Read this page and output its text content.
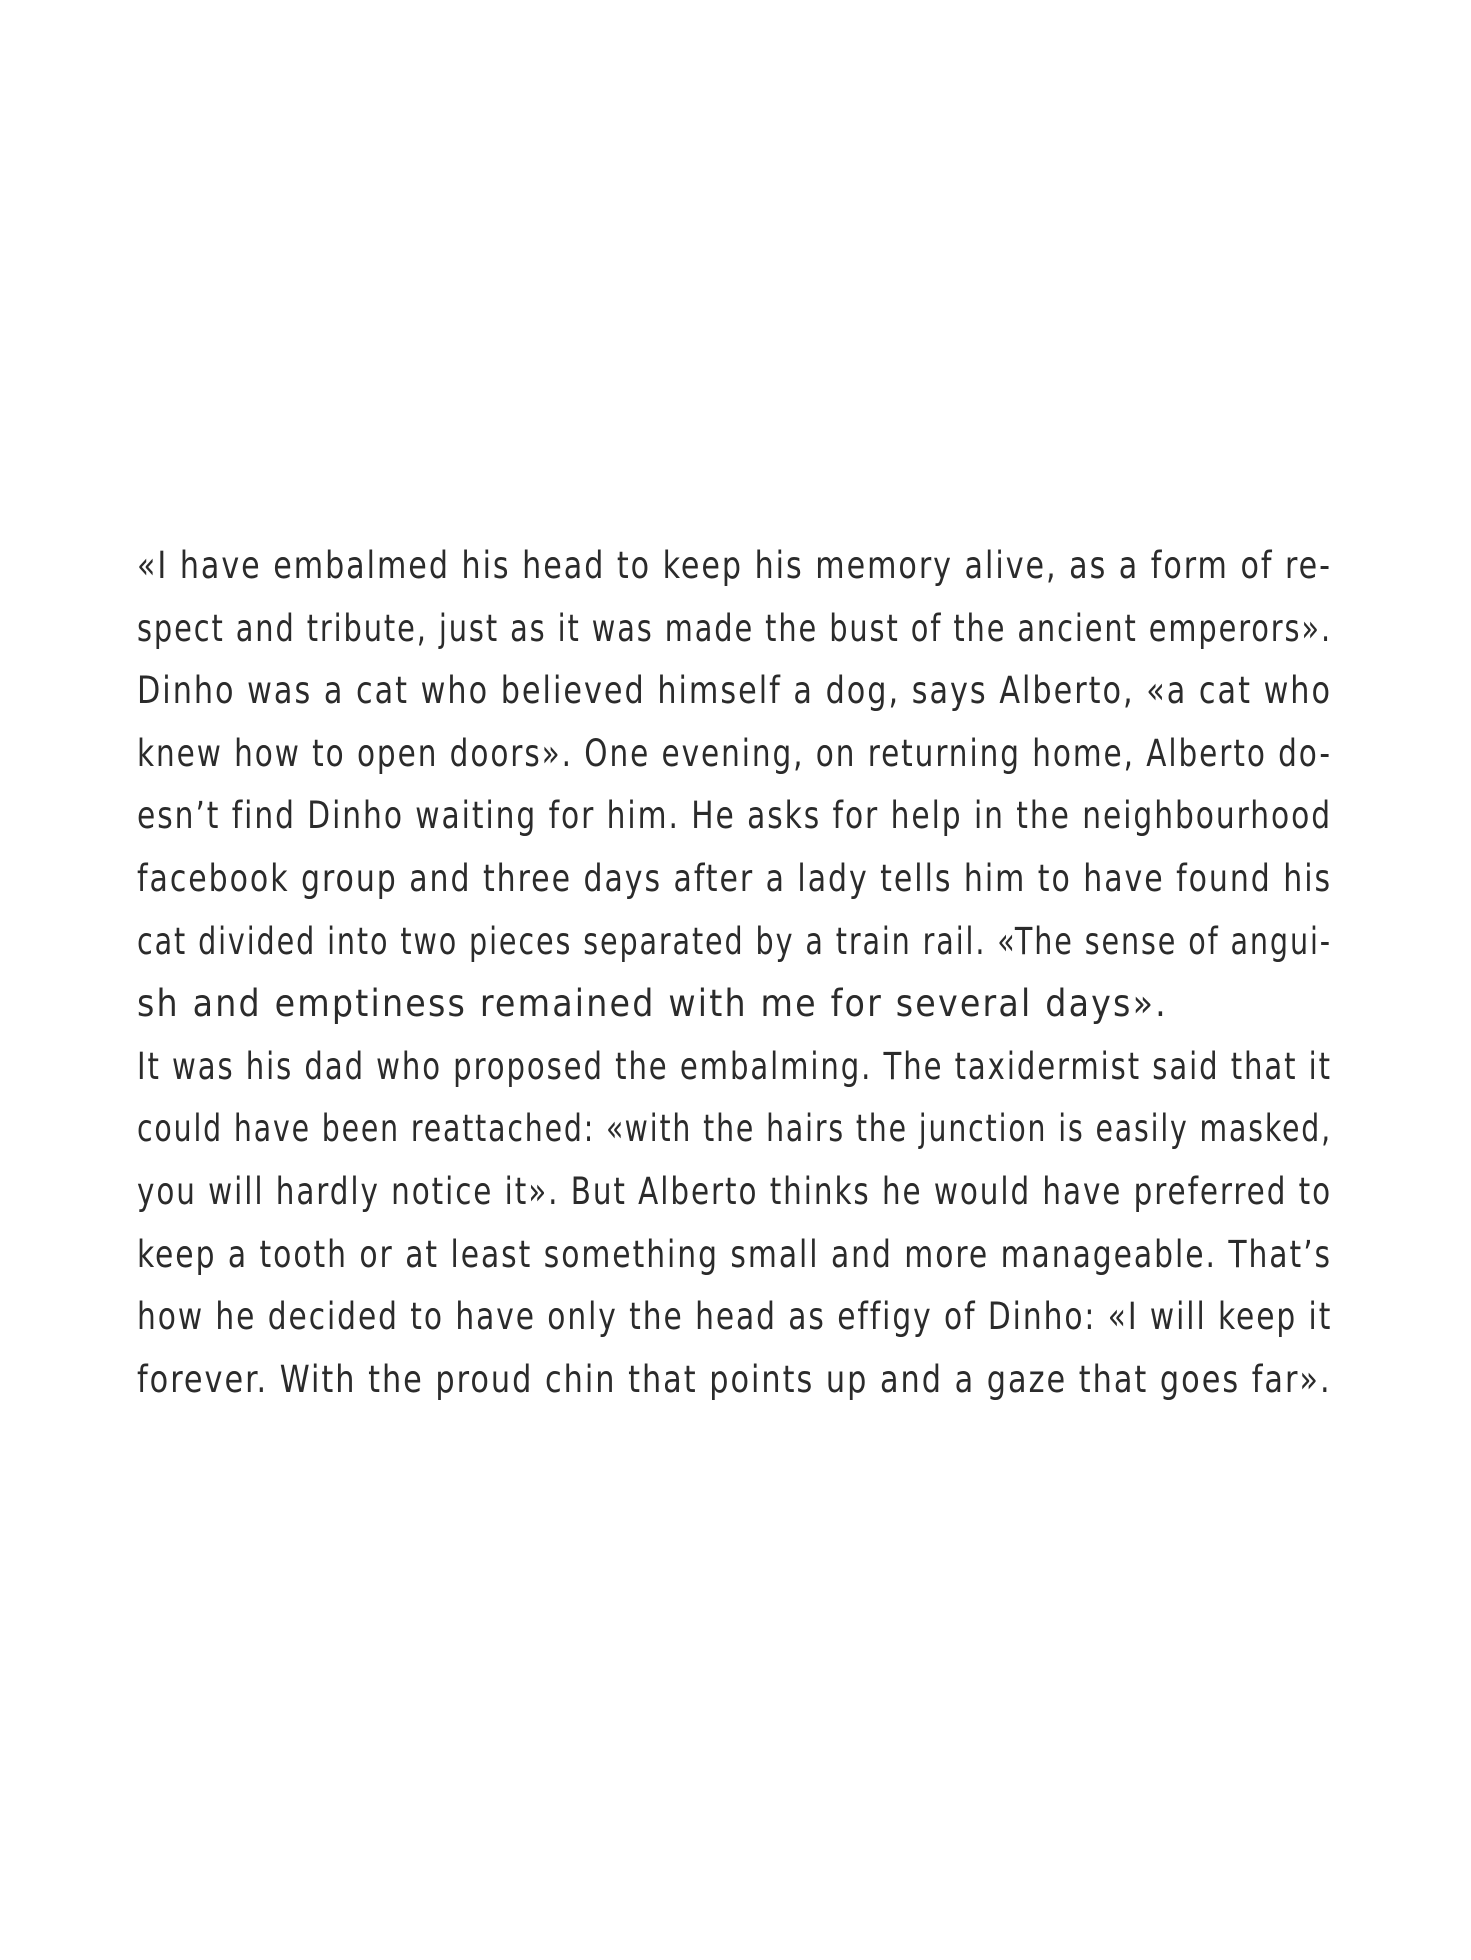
«I have embalmed his head to keep his memory alive, as a form of re-
spect and tribute, just as it was made the bust of the ancient emperors».
Dinho was a cat who believed himself a dog, says Alberto, «a cat who
knew how to open doors». One evening, on returning home, Alberto do-
esn’t find Dinho waiting for him. He asks for help in the neighbourhood
facebook group and three days after a lady tells him to have found his
cat divided into two pieces separated by a train rail. «The sense of angui-
sh and emptiness remained with me for several days».
It was his dad who proposed the embalming. The taxidermist said that it
could have been reattached: «with the hairs the junction is easily masked,
you will hardly notice it». But Alberto thinks he would have preferred to
keep a tooth or at least something small and more manageable. That’s
how he decided to have only the head as effigy of Dinho: «I will keep it
forever. With the proud chin that points up and a gaze that goes far».
